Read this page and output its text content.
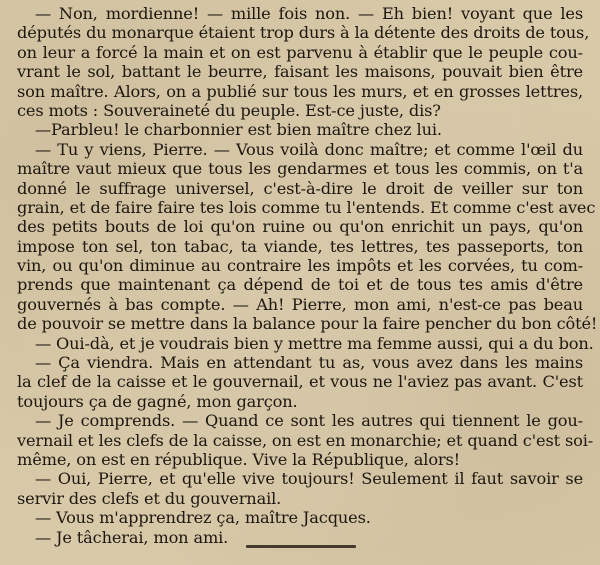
— Non, mordienne! — mille fois non. — Eh bien! voyant que les
députés du monarque étaient trop durs à la détente des droits de tous,
on leur a forcé la main et on est parvenu à établir que le peuple cou-
vrant le sol, battant le beurre, faisant les maisons, pouvait bien être
son maître. Alors, on a publié sur tous les murs, et en grosses lettres,
ces mots : Souveraineté du peuple. Est-ce juste, dis?
—Parbleu! le charbonnier est bien maître chez lui.
— Tu y viens, Pierre. — Vous voilà donc maître; et comme l'œil du
maître vaut mieux que tous les gendarmes et tous les commis, on t'a
donné le suffrage universel, c'est-à-dire le droit de veiller sur ton
grain, et de faire faire tes lois comme tu l'entends. Et comme c'est avec
des petits bouts de loi qu'on ruine ou qu'on enrichit un pays, qu'on
impose ton sel, ton tabac, ta viande, tes lettres, tes passeports, ton
vin, ou qu'on diminue au contraire les impôts et les corvées, tu com-
prends que maintenant ça dépend de toi et de tous tes amis d'être
gouvernés à bas compte. — Ah! Pierre, mon ami, n'est-ce pas beau
de pouvoir se mettre dans la balance pour la faire pencher du bon côté!
— Oui-dà, et je voudrais bien y mettre ma femme aussi, qui a du bon.
— Ça viendra. Mais en attendant tu as, vous avez dans les mains
la clef de la caisse et le gouvernail, et vous ne l'aviez pas avant. C'est
toujours ça de gagné, mon garçon.
— Je comprends. — Quand ce sont les autres qui tiennent le gou-
vernail et les clefs de la caisse, on est en monarchie; et quand c'est soi-
même, on est en république. Vive la République, alors!
— Oui, Pierre, et qu'elle vive toujours! Seulement il faut savoir se
servir des clefs et du gouvernail.
— Vous m'apprendrez ça, maître Jacques.
— Je tâcherai, mon ami.
